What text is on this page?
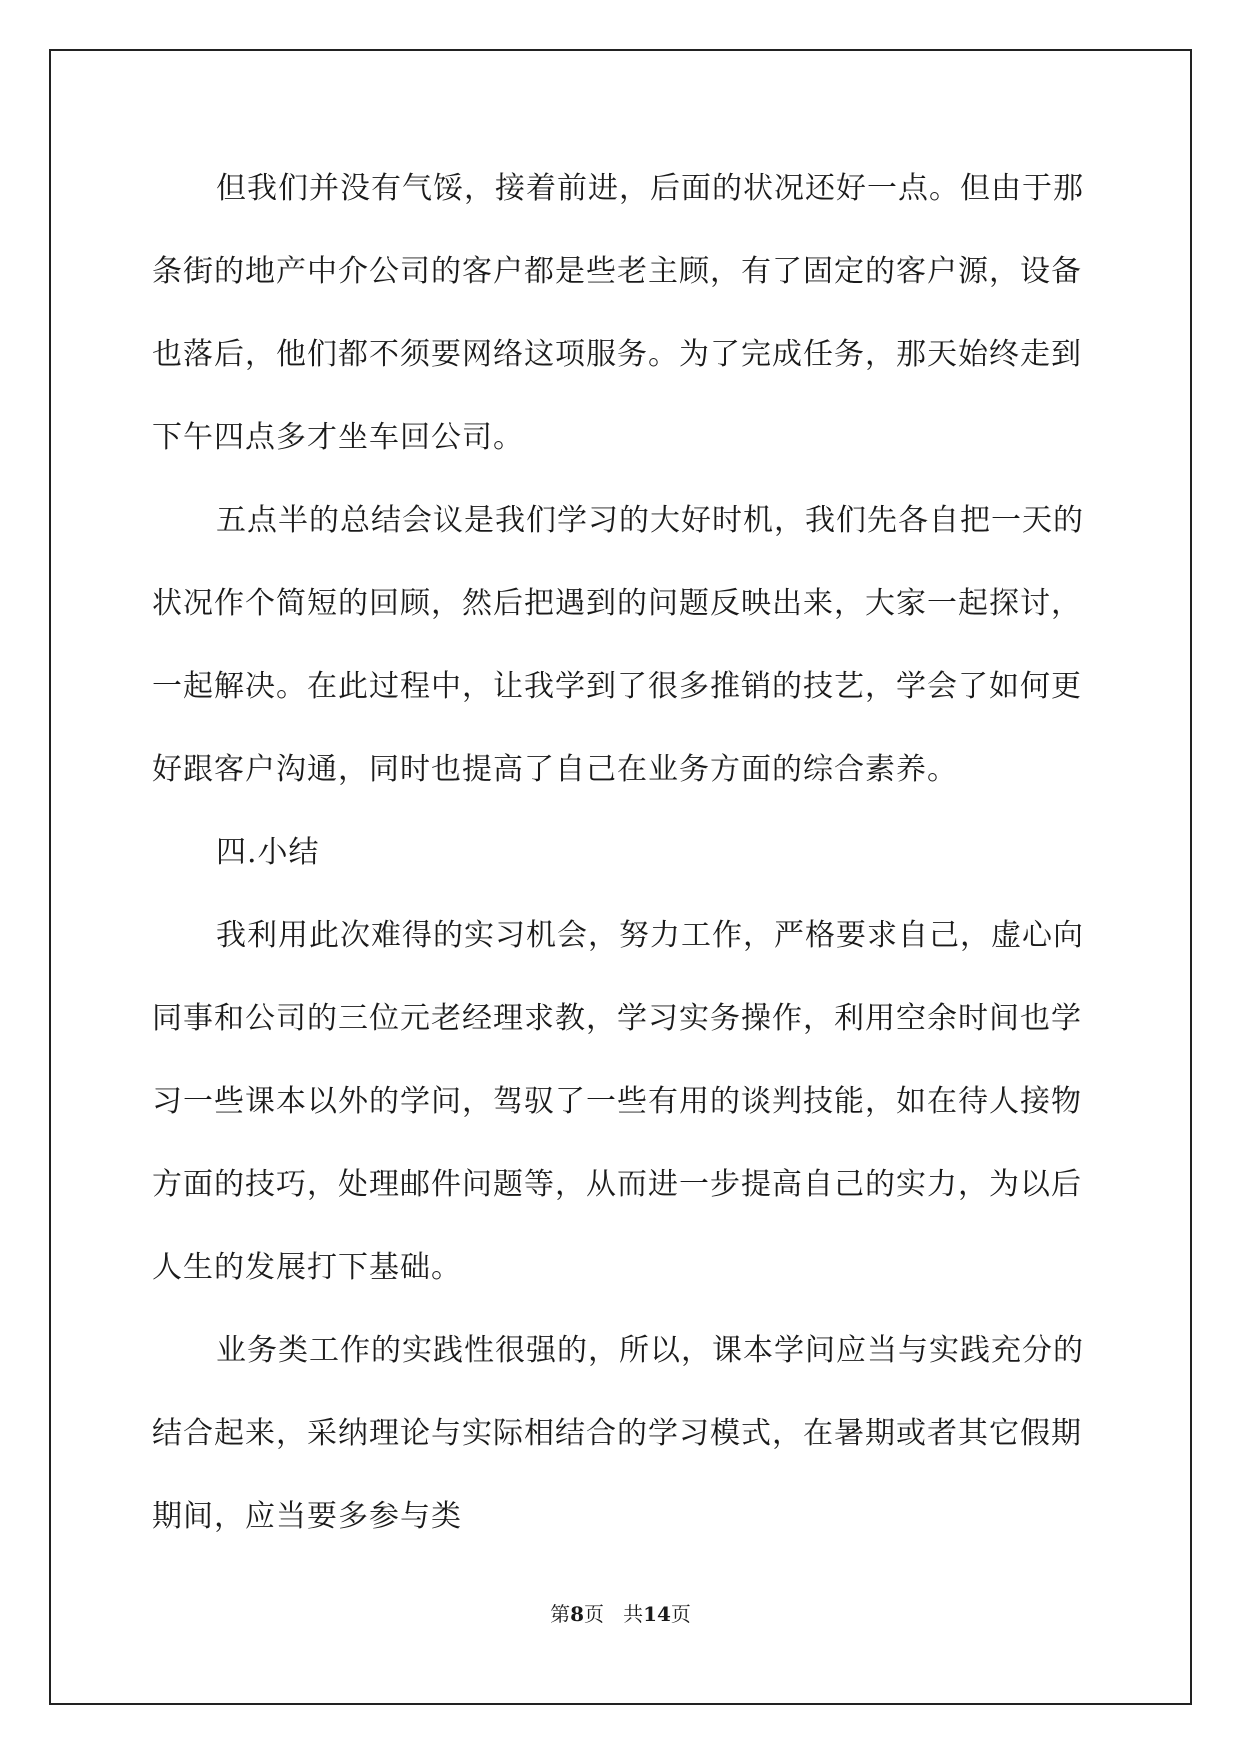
但我们并没有气馁，接着前进，后面的状况还好一点。但由于那
条街的地产中介公司的客户都是些老主顾，有了固定的客户源，设备
也落后，他们都不须要网络这项服务。为了完成任务，那天始终走到
下午四点多才坐车回公司。
五点半的总结会议是我们学习的大好时机，我们先各自把一天的
状况作个简短的回顾，然后把遇到的问题反映出来，大家一起探讨，
一起解决。在此过程中，让我学到了很多推销的技艺，学会了如何更
好跟客户沟通，同时也提高了自己在业务方面的综合素养。
四.小结
我利用此次难得的实习机会，努力工作，严格要求自己，虚心向
同事和公司的三位元老经理求教，学习实务操作，利用空余时间也学
习一些课本以外的学问，驾驭了一些有用的谈判技能，如在待人接物
方面的技巧，处理邮件问题等，从而进一步提高自己的实力，为以后
人生的发展打下基础。
业务类工作的实践性很强的，所以，课本学问应当与实践充分的
结合起来，采纳理论与实际相结合的学习模式，在暑期或者其它假期
期间，应当要多参与类
第8页 共14页
